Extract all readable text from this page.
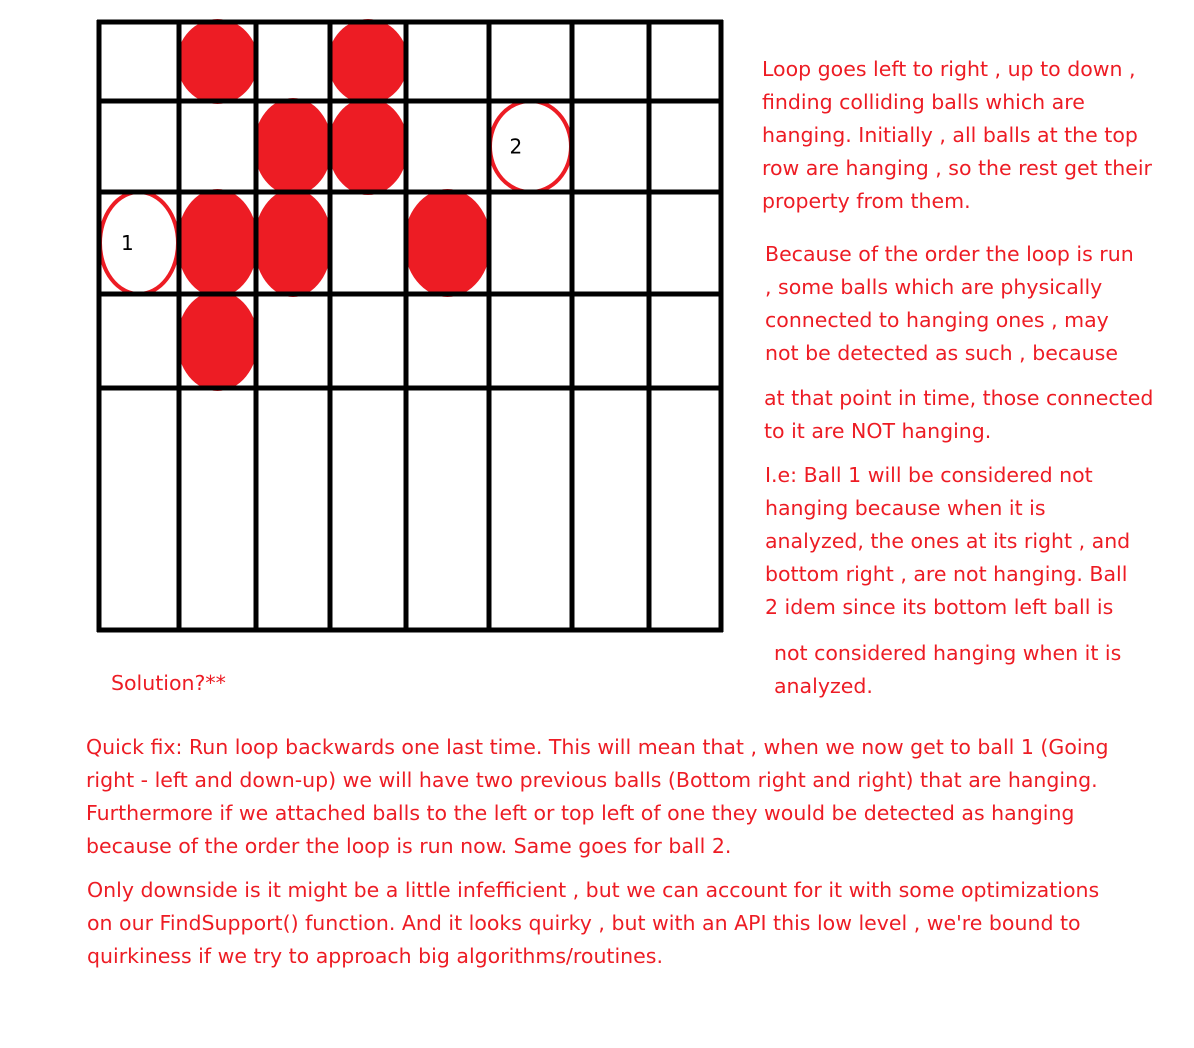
2
1
Loop goes left to right , up to down ,
finding colliding balls which are
hanging. Initially , all balls at the top
row are hanging , so the rest get their
property from them.
Because of the order the loop is run
, some balls which are physically
connected to hanging ones , may
not be detected as such , because
at that point in time, those connected
to it are NOT hanging.
I.e: Ball 1 will be considered not
hanging because when it is
analyzed, the ones at its right , and
bottom right , are not hanging. Ball
2 idem since its bottom left ball is
not considered hanging when it is
analyzed.
Solution?**
Quick fix: Run loop backwards one last time. This will mean that , when we now get to ball 1 (Going
right - left and down-up) we will have two previous balls (Bottom right and right) that are hanging.
Furthermore if we attached balls to the left or top left of one they would be detected as hanging
because of the order the loop is run now. Same goes for ball 2.
Only downside is it might be a little infefficient , but we can account for it with some optimizations
on our FindSupport() function. And it looks quirky , but with an API this low level , we're bound to
quirkiness if we try to approach big algorithms/routines.
